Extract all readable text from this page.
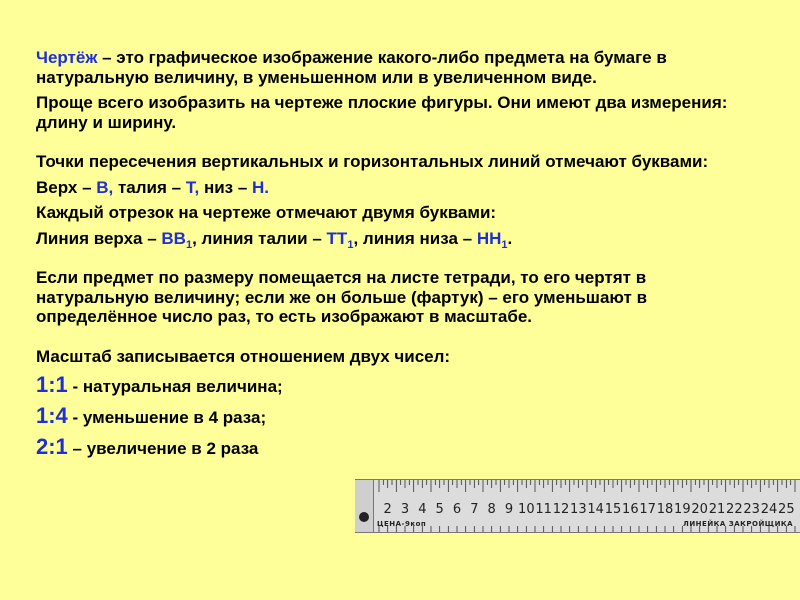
Чертёж – это графическое изображение какого-либо предмета на бумаге в натуральную величину, в уменьшенном или в увеличенном виде.

Проще всего изобразить на чертеже плоские фигуры. Они имеют два измерения: длину и ширину.

Точки пересечения вертикальных и горизонтальных линий отмечают буквами:

Верх – В, талия – Т, низ – Н.

Каждый отрезок на чертеже отмечают двумя буквами:

Линия верха – $ВВ_1$, линия талии – $ТТ_1$, линия низа – $НН_1$.

Если предмет по размеру помещается на листе тетради, то его чертят в натуральную величину; если же он больше (фартук) – его уменьшают в определённое число раз, то есть изображают в масштабе.

Масштаб записывается отношением двух чисел:

1:1 - натуральная величина;

1:4 - уменьшение в 4 раза;

2:1 – увеличение в 2 раза

2 3 4 5 6 7 8 9 10 11 12 13 14 15 16 17 18 19 20 21 22 23 24 25
ЦЕНА-9коп	ЛИНЕЙКА ЗАКРОЙЩИКА
